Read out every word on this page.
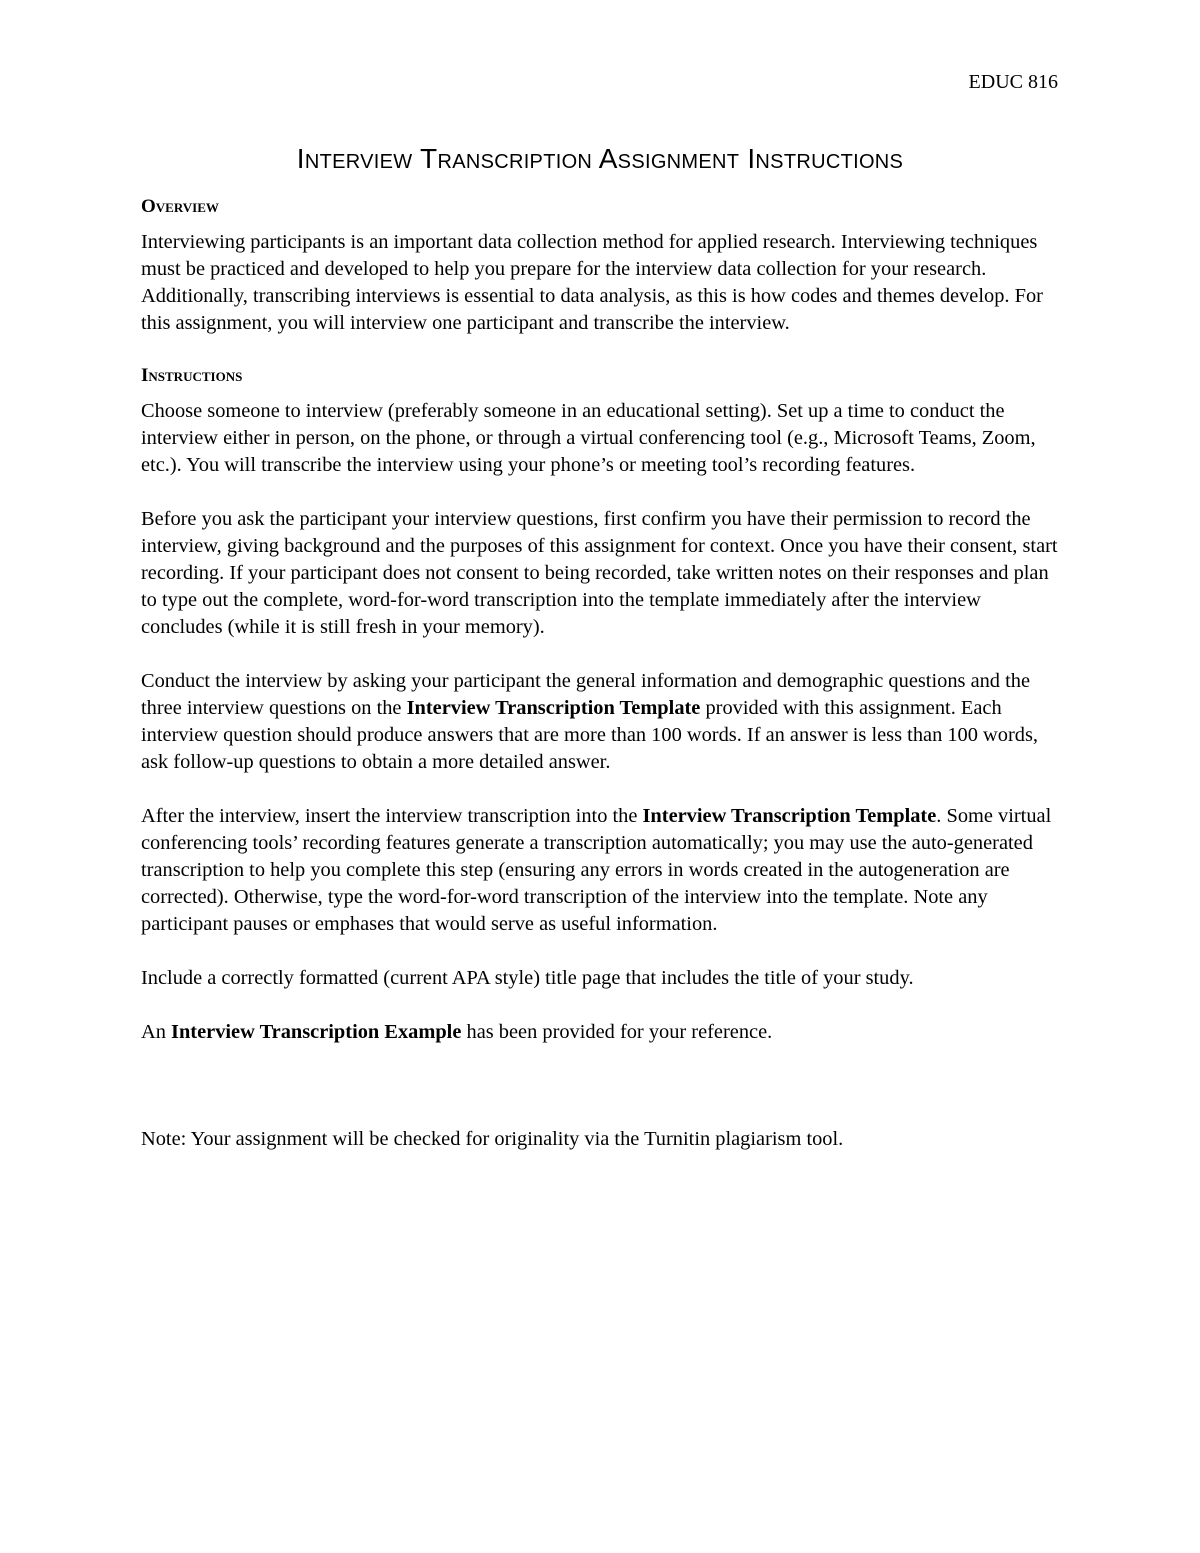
EDUC 816
Interview Transcription Assignment Instructions
Overview

Interviewing participants is an important data collection method for applied research. Interviewing techniques must be practiced and developed to help you prepare for the interview data collection for your research. Additionally, transcribing interviews is essential to data analysis, as this is how codes and themes develop. For this assignment, you will interview one participant and transcribe the interview.

Instructions

Choose someone to interview (preferably someone in an educational setting). Set up a time to conduct the interview either in person, on the phone, or through a virtual conferencing tool (e.g., Microsoft Teams, Zoom, etc.). You will transcribe the interview using your phone’s or meeting tool’s recording features.

Before you ask the participant your interview questions, first confirm you have their permission to record the interview, giving background and the purposes of this assignment for context. Once you have their consent, start recording. If your participant does not consent to being recorded, take written notes on their responses and plan to type out the complete, word-for-word transcription into the template immediately after the interview concludes (while it is still fresh in your memory).

Conduct the interview by asking your participant the general information and demographic questions and the three interview questions on the Interview Transcription Template provided with this assignment. Each interview question should produce answers that are more than 100 words. If an answer is less than 100 words, ask follow-up questions to obtain a more detailed answer.

After the interview, insert the interview transcription into the Interview Transcription Template. Some virtual conferencing tools’ recording features generate a transcription automatically; you may use the auto-generated transcription to help you complete this step (ensuring any errors in words created in the autogeneration are corrected). Otherwise, type the word-for-word transcription of the interview into the template. Note any participant pauses or emphases that would serve as useful information.

Include a correctly formatted (current APA style) title page that includes the title of your study.

An Interview Transcription Example has been provided for your reference.

Note: Your assignment will be checked for originality via the Turnitin plagiarism tool.
